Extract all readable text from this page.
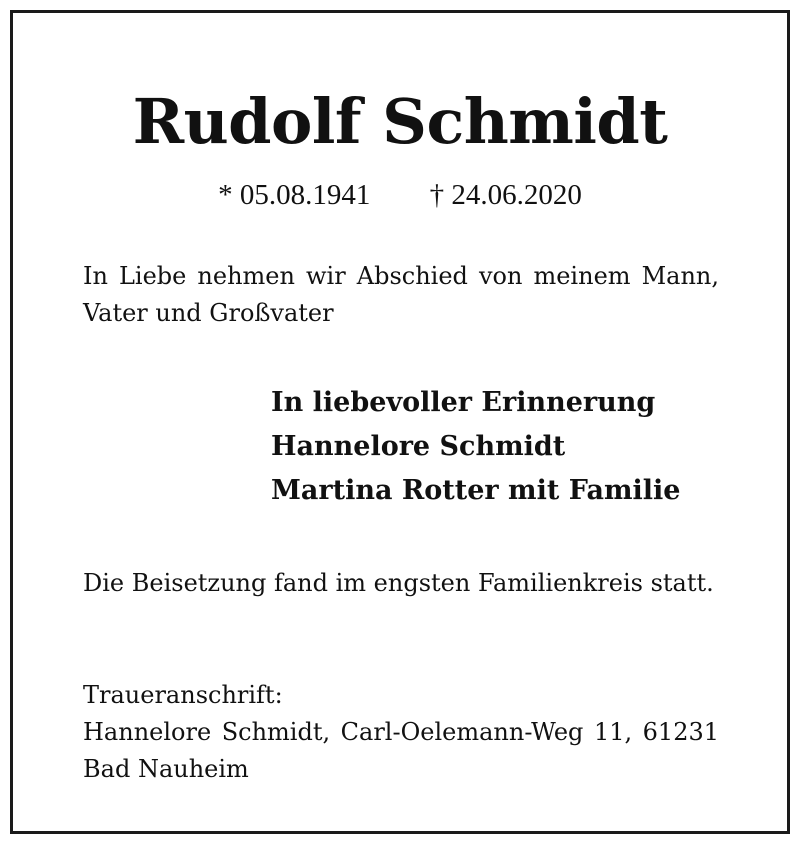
Rudolf Schmidt
* 05.08.1941 † 24.06.2020
In Liebe nehmen wir Abschied von meinem Mann, Vater und Großvater
In liebevoller Erinnerung
Hannelore Schmidt
Martina Rotter mit Familie
Die Beisetzung fand im engsten Familienkreis statt.
Traueranschrift:
Hannelore Schmidt, Carl-Oelemann-Weg 11, 61231 Bad Nauheim
